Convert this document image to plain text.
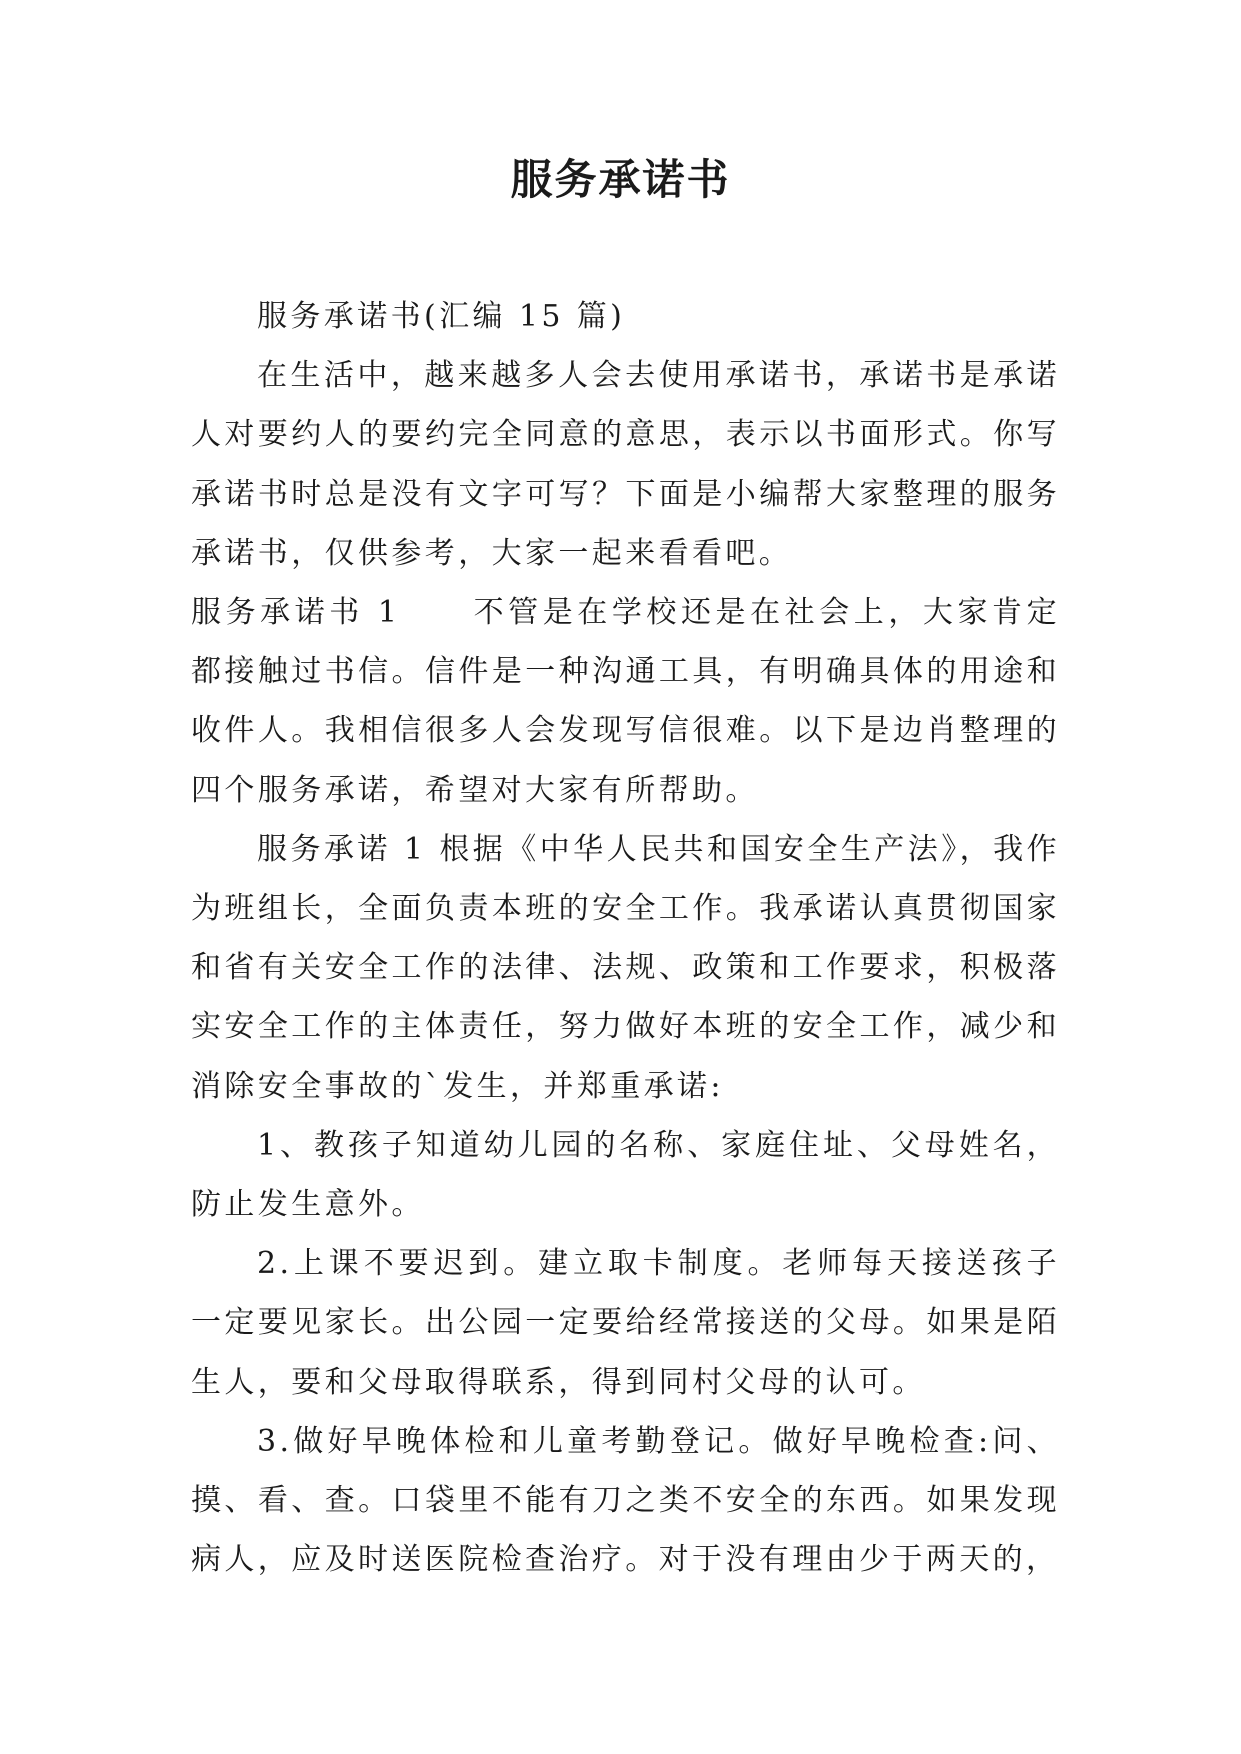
服务承诺书

服务承诺书(汇编 15 篇)

在生活中，越来越多人会去使用承诺书，承诺书是承诺人对要约人的要约完全同意的意思，表示以书面形式。你写承诺书时总是没有文字可写？下面是小编帮大家整理的服务承诺书，仅供参考，大家一起来看看吧。

服务承诺书 1 不管是在学校还是在社会上，大家肯定都接触过书信。信件是一种沟通工具，有明确具体的用途和收件人。我相信很多人会发现写信很难。以下是边肖整理的四个服务承诺，希望对大家有所帮助。

服务承诺 1 根据《中华人民共和国安全生产法》，我作为班组长，全面负责本班的安全工作。我承诺认真贯彻国家和省有关安全工作的法律、法规、政策和工作要求，积极落实安全工作的主体责任，努力做好本班的安全工作，减少和消除安全事故的`发生，并郑重承诺:

1、教孩子知道幼儿园的名称、家庭住址、父母姓名，防止发生意外。

2.上课不要迟到。建立取卡制度。老师每天接送孩子一定要见家长。出公园一定要给经常接送的父母。如果是陌生人，要和父母取得联系，得到同村父母的认可。

3.做好早晚体检和儿童考勤登记。做好早晚检查:问、摸、看、查。口袋里不能有刀之类不安全的东西。如果发现病人，应及时送医院检查治疗。对于没有理由少于两天的，
